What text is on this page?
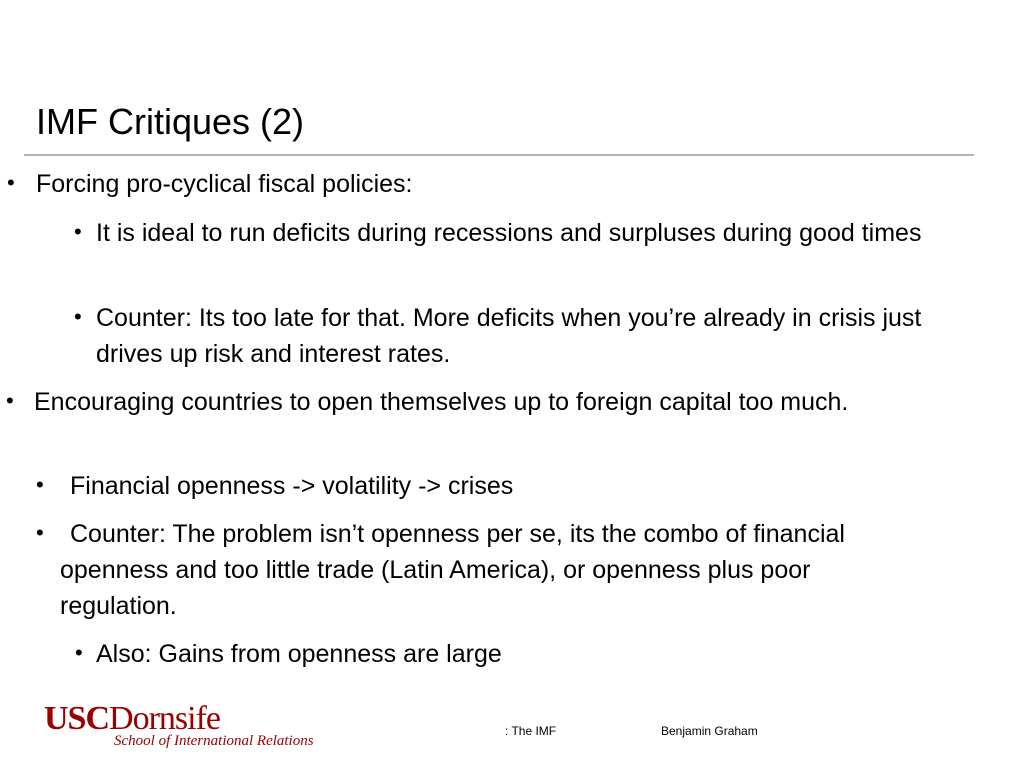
IMF Critiques (2)
• Forcing pro-cyclical fiscal policies:
• It is ideal to run deficits during recessions and surpluses during good times
• Counter: Its too late for that. More deficits when you’re already in crisis just drives up risk and interest rates.
• Encouraging countries to open themselves up to foreign capital too much.
•	Financial openness -> volatility -> crises
•	Counter: The problem isn’t openness per se, its the combo of financial openness and too little trade (Latin America), or openness plus poor regulation.
• Also: Gains from openness are large
USCDornsife
School of International Relations
: The IMF	Benjamin Graham
